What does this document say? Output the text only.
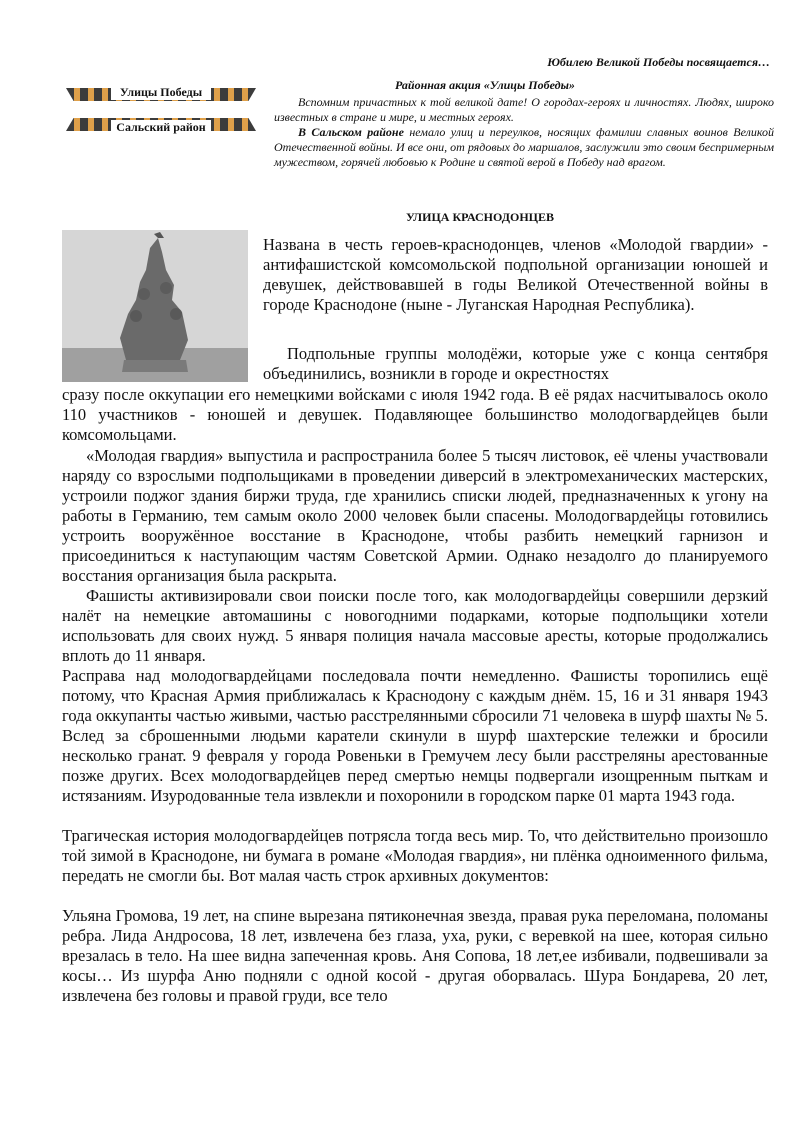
Юбилею Великой Победы посвящается…
Улицы Победы
Сальский район
Районная акция «Улицы Победы»

Вспомним причастных к той великой дате! О городах-героях и личностях. Людях, широко известных в стране и мире, и местных героях.

В Сальском районе немало улиц и переулков, носящих фамилии славных воинов Великой Отечественной войны. И все они, от рядовых до маршалов, заслужили это своим беспримерным мужеством, горячей любовью к Родине и святой верой в Победу над врагом.

УЛИЦА КРАСНОДОНЦЕВ

Названа в честь героев-краснодонцев, членов «Молодой гвардии» - антифашистской комсомольской подпольной организации юношей и девушек, действовавшей в годы Великой Отечественной войны в городе Краснодоне (ныне - Луганская Народная Республика).

Подпольные группы молодёжи, которые уже с конца сентября объединились, возникли в городе и окрестностях

сразу после оккупации его немецкими войсками с июля 1942 года. В её рядах насчитывалось около 110 участников - юношей и девушек. Подавляющее большинство молодогвардейцев были комсомольцами.

«Молодая гвардия» выпустила и распространила более 5 тысяч листовок, её члены участвовали наряду со взрослыми подпольщиками в проведении диверсий в электромеханических мастерских, устроили поджог здания биржи труда, где хранились списки людей, предназначенных к угону на работы в Германию, тем самым около 2000 человек были спасены. Молодогвардейцы готовились устроить вооружённое восстание в Краснодоне, чтобы разбить немецкий гарнизон и присоединиться к наступающим частям Советской Армии. Однако незадолго до планируемого восстания организация была раскрыта.

Фашисты активизировали свои поиски после того, как молодогвардейцы совершили дерзкий налёт на немецкие автомашины с новогодними подарками, которые подпольщики хотели использовать для своих нужд. 5 января полиция начала массовые аресты, которые продолжались вплоть до 11 января.

Расправа над молодогвардейцами последовала почти немедленно. Фашисты торопились ещё потому, что Красная Армия приближалась к Краснодону с каждым днём. 15, 16 и 31 января 1943 года оккупанты частью живыми, частью расстрелянными сбросили 71 человека в шурф шахты № 5. Вслед за сброшенными людьми каратели скинули в шурф шахтерские тележки и бросили несколько гранат. 9 февраля у города Ровеньки в Гремучем лесу были расстреляны арестованные позже других. Всех молодогвардейцев перед смертью немцы подвергали изощренным пыткам и истязаниям. Изуродованные тела извлекли и похоронили в городском парке 01 марта 1943 года.

Трагическая история молодогвардейцев потрясла тогда весь мир. То, что действительно произошло той зимой в Краснодоне, ни бумага в романе «Молодая гвардия», ни плёнка одноименного фильма, передать не смогли бы. Вот малая часть строк архивных документов:

Ульяна Громова, 19 лет, на спине вырезана пятиконечная звезда, правая рука переломана, поломаны ребра. Лида Андросова, 18 лет, извлечена без глаза, уха, руки, с веревкой на шее, которая сильно врезалась в тело. На шее видна запеченная кровь. Аня Сопова, 18 лет,ее избивали, подвешивали за косы… Из шурфа Аню подняли с одной косой - другая оборвалась. Шура Бондарева, 20 лет, извлечена без головы и правой груди, все тело
